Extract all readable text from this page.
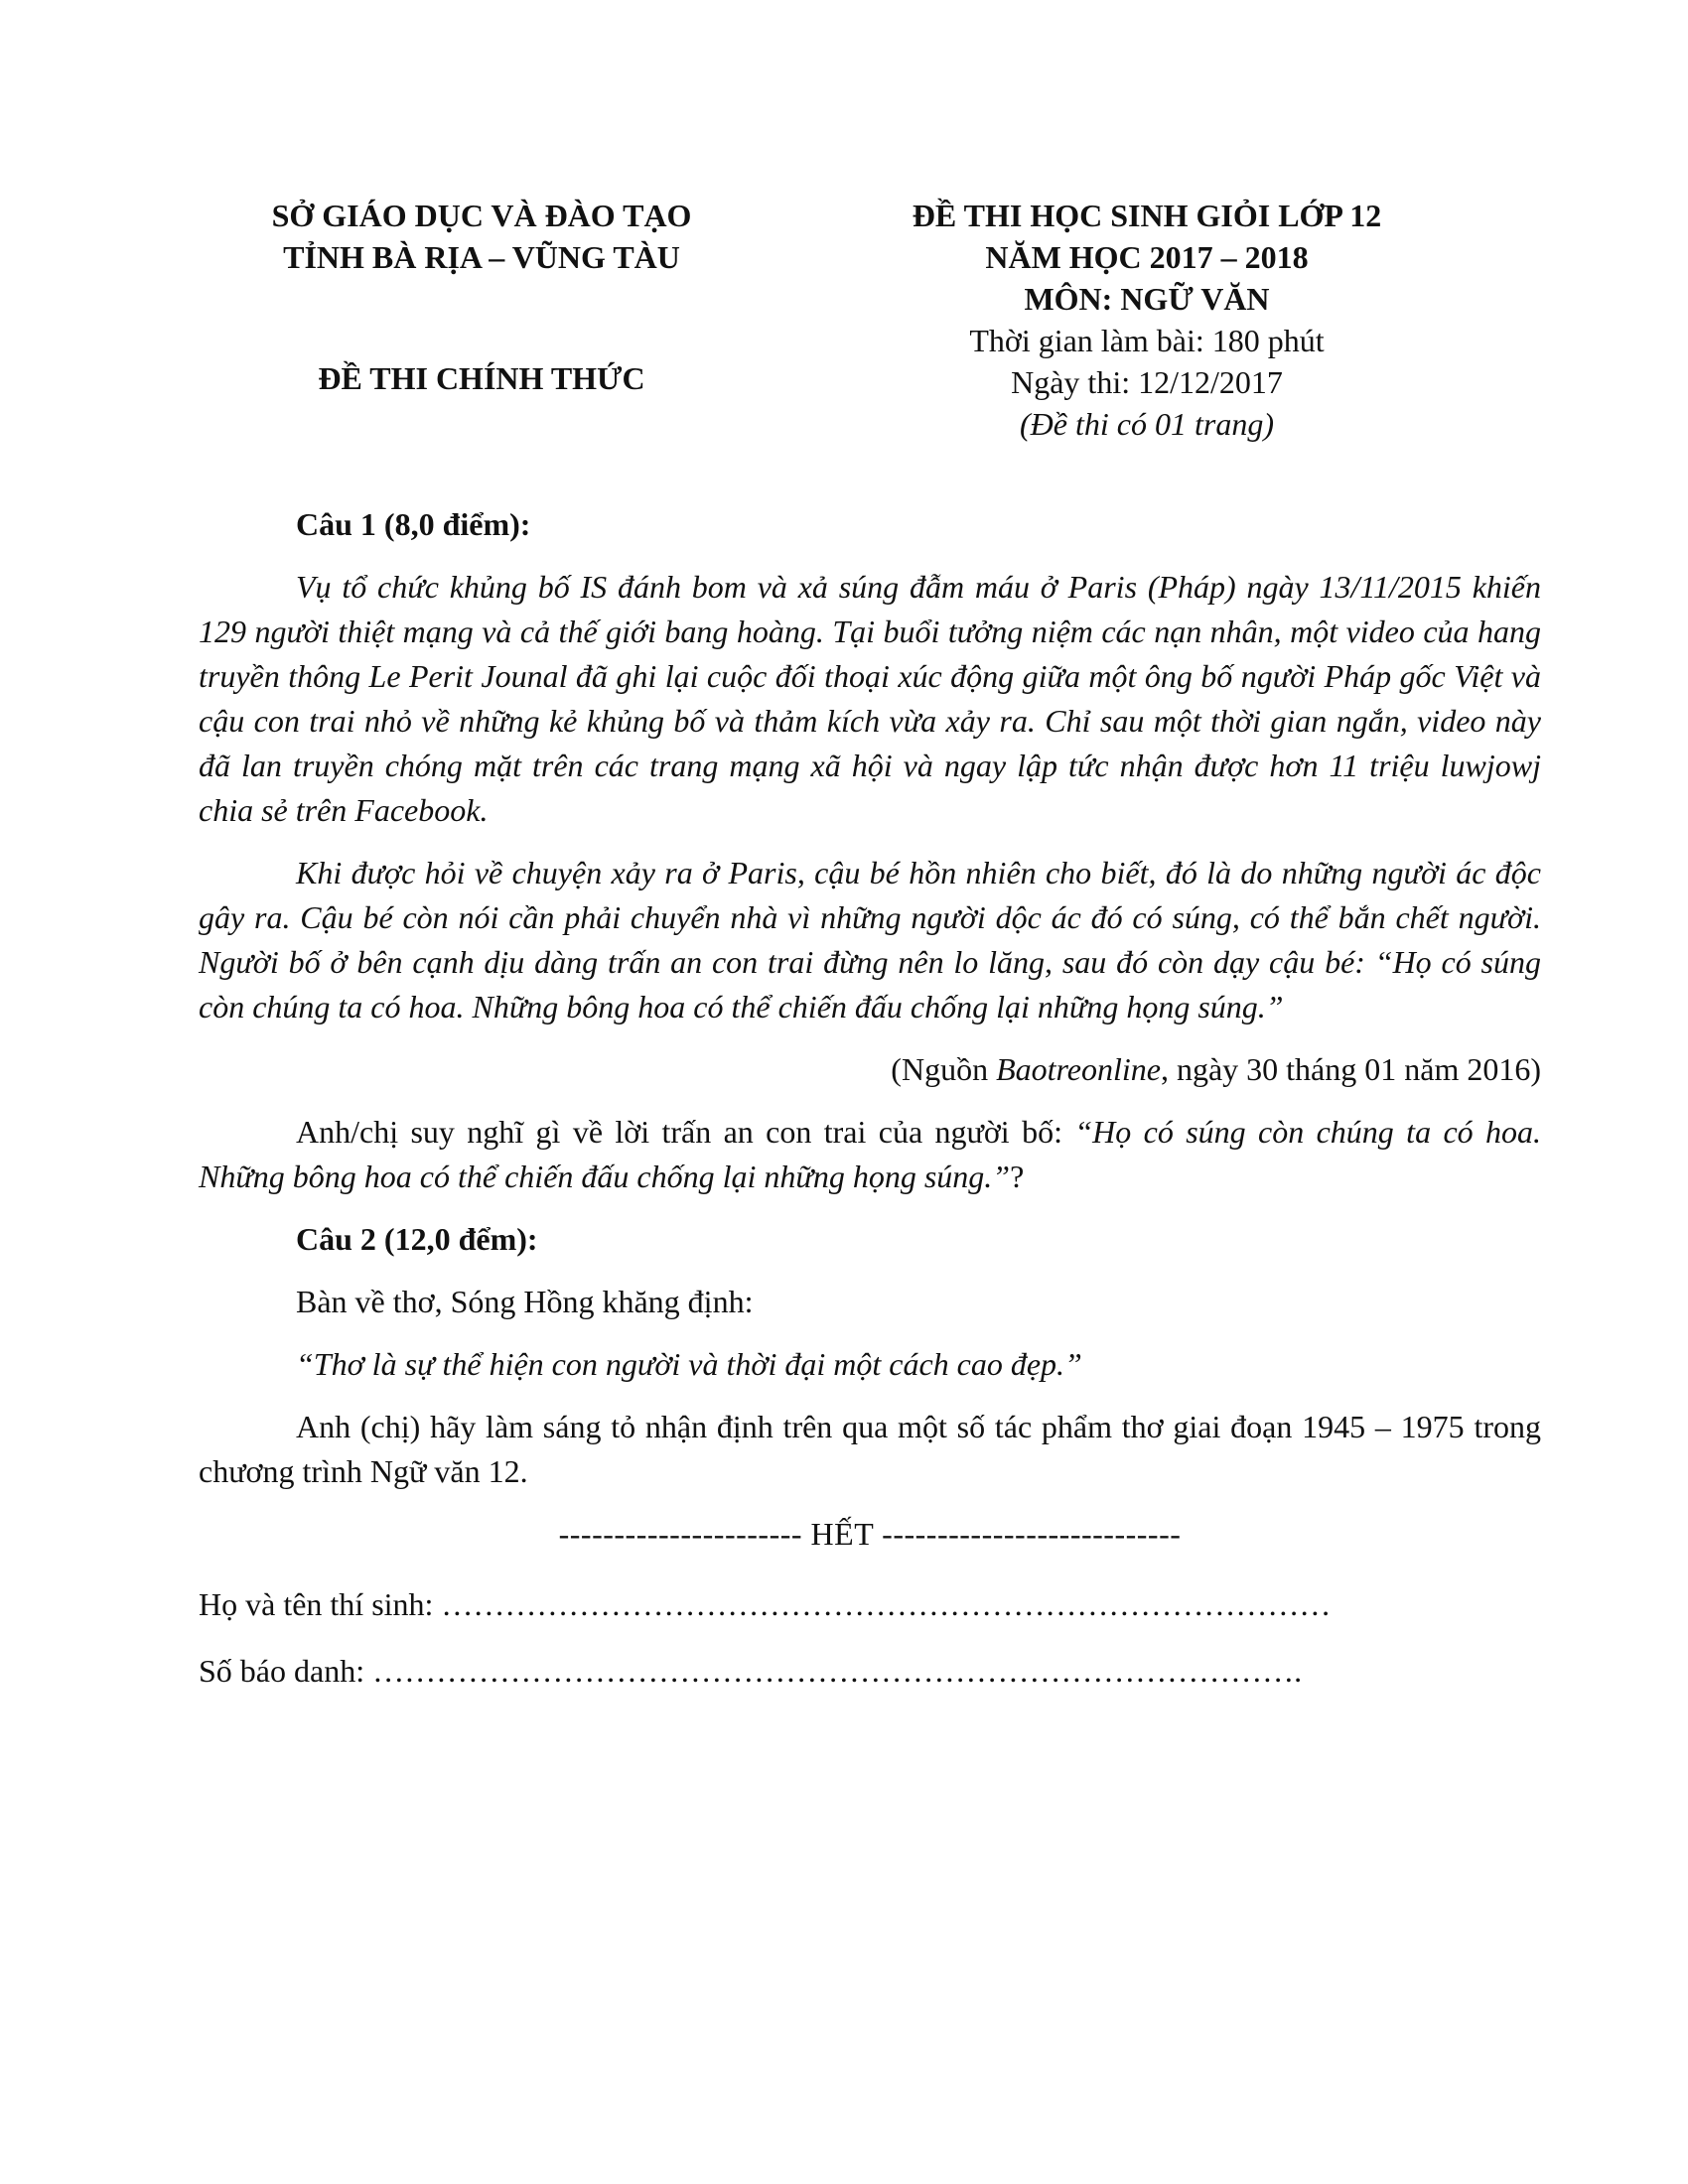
SỞ GIÁO DỤC VÀ ĐÀO TẠO
TỈNH BÀ RỊA – VŨNG TÀU
ĐỀ THI CHÍNH THỨC
ĐỀ THI HỌC SINH GIỎI LỚP 12
NĂM HỌC 2017 – 2018
MÔN: NGỮ VĂN
Thời gian làm bài: 180 phút
Ngày thi: 12/12/2017
(Đề thi có 01 trang)

Câu 1 (8,0 điểm):

Vụ tổ chức khủng bố IS đánh bom và xả súng đẫm máu ở Paris (Pháp) ngày 13/11/2015 khiến 129 người thiệt mạng và cả thế giới bang hoàng. Tại buổi tưởng niệm các nạn nhân, một video của hang truyền thông Le Perit Jounal đã ghi lại cuộc đối thoại xúc động giữa một ông bố người Pháp gốc Việt và cậu con trai nhỏ về những kẻ khủng bố và thảm kích vừa xảy ra. Chỉ sau một thời gian ngắn, video này đã lan truyền chóng mặt trên các trang mạng xã hội và ngay lập tức nhận được hơn 11 triệu luwjowj chia sẻ trên Facebook.

Khi được hỏi về chuyện xảy ra ở Paris, cậu bé hồn nhiên cho biết, đó là do những người ác độc gây ra. Cậu bé còn nói cần phải chuyển nhà vì những người dộc ác đó có súng, có thể bắn chết người. Người bố ở bên cạnh dịu dàng trấn an con trai đừng nên lo lăng, sau đó còn dạy cậu bé: “Họ có súng còn chúng ta có hoa. Những bông hoa có thể chiến đấu chống lại những họng súng.”

(Nguồn Baotreonline, ngày 30 tháng 01 năm 2016)

Anh/chị suy nghĩ gì về lời trấn an con trai của người bố: “Họ có súng còn chúng ta có hoa. Những bông hoa có thể chiến đấu chống lại những họng súng.”?

Câu 2 (12,0 đểm):

Bàn về thơ, Sóng Hồng khăng định:

“Thơ là sự thể hiện con người và thời đại một cách cao đẹp.”

Anh (chị) hãy làm sáng tỏ nhận định trên qua một số tác phẩm thơ giai đoạn 1945 – 1975 trong chương trình Ngữ văn 12.

---------------------- HẾT ---------------------------

Họ và tên thí sinh: …………………………………………………………………………

Số báo danh: …………………………………………………………………………….
